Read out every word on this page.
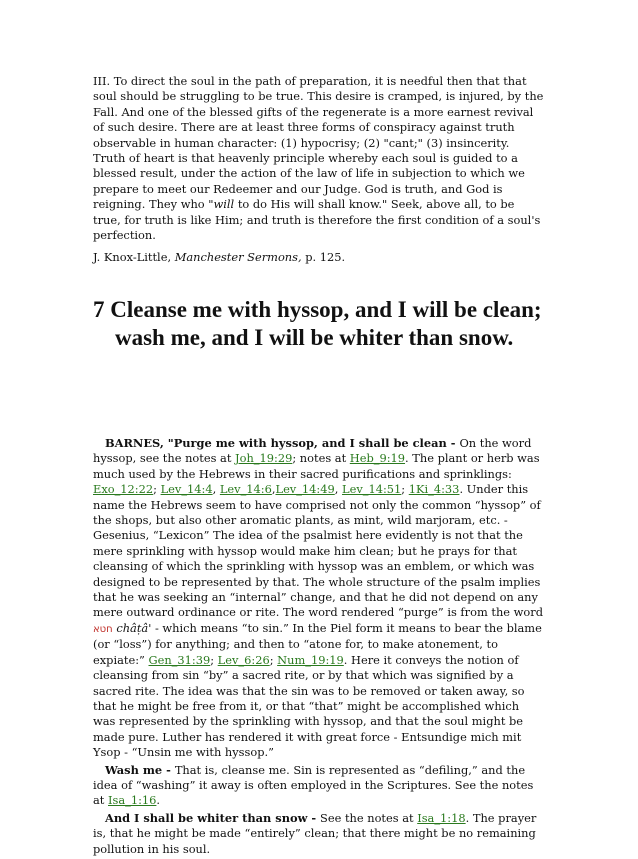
III. To direct the soul in the path of preparation, it is needful then that that soul should be struggling to be true. This desire is cramped, is injured, by the Fall. And one of the blessed gifts of the regenerate is a more earnest revival of such desire. There are at least three forms of conspiracy against truth observable in human character: (1) hypocrisy; (2) "cant;" (3) insincerity. Truth of heart is that heavenly principle whereby each soul is guided to a blessed result, under the action of the law of life in subjection to which we prepare to meet our Redeemer and our Judge. God is truth, and God is reigning. They who "will to do His will shall know." Seek, above all, to be true, for truth is like Him; and truth is therefore the first condition of a soul's perfection.

J. Knox-Little, Manchester Sermons, p. 125.

7 Cleanse me with hyssop, and I will be clean;
wash me, and I will be whiter than snow.

BARNES, "Purge me with hyssop, and I shall be clean - On the word hyssop, see the notes at Joh_19:29; notes at Heb_9:19. The plant or herb was much used by the Hebrews in their sacred purifications and sprinklings: Exo_12:22; Lev_14:4, Lev_14:6,Lev_14:49, Lev_14:51; 1Ki_4:33. Under this name the Hebrews seem to have comprised not only the common “hyssop” of the shops, but also other aromatic plants, as mint, wild marjoram, etc. - Gesenius, “Lexicon” The idea of the psalmist here evidently is not that the mere sprinkling with hyssop would make him clean; but he prays for that cleansing of which the sprinkling with hyssop was an emblem, or which was designed to be represented by that. The whole structure of the psalm implies that he was seeking an “internal” change, and that he did not depend on any mere outward ordinance or rite. The word rendered “purge” is from the word חטא châṭâ' - which means “to sin.” In the Piel form it means to bear the blame (or “loss”) for anything; and then to “atone for, to make atonement, to expiate:” Gen_31:39; Lev_6:26; Num_19:19. Here it conveys the notion of cleansing from sin “by” a sacred rite, or by that which was signified by a sacred rite. The idea was that the sin was to be removed or taken away, so that he might be free from it, or that “that” might be accomplished which was represented by the sprinkling with hyssop, and that the soul might be made pure. Luther has rendered it with great force - Entsundige mich mit Ysop - “Unsin me with hyssop.”

Wash me - That is, cleanse me. Sin is represented as “defiling,” and the idea of “washing” it away is often employed in the Scriptures. See the notes at Isa_1:16.

And I shall be whiter than snow - See the notes at Isa_1:18. The prayer is, that he might be made “entirely” clean; that there might be no remaining pollution in his soul.
